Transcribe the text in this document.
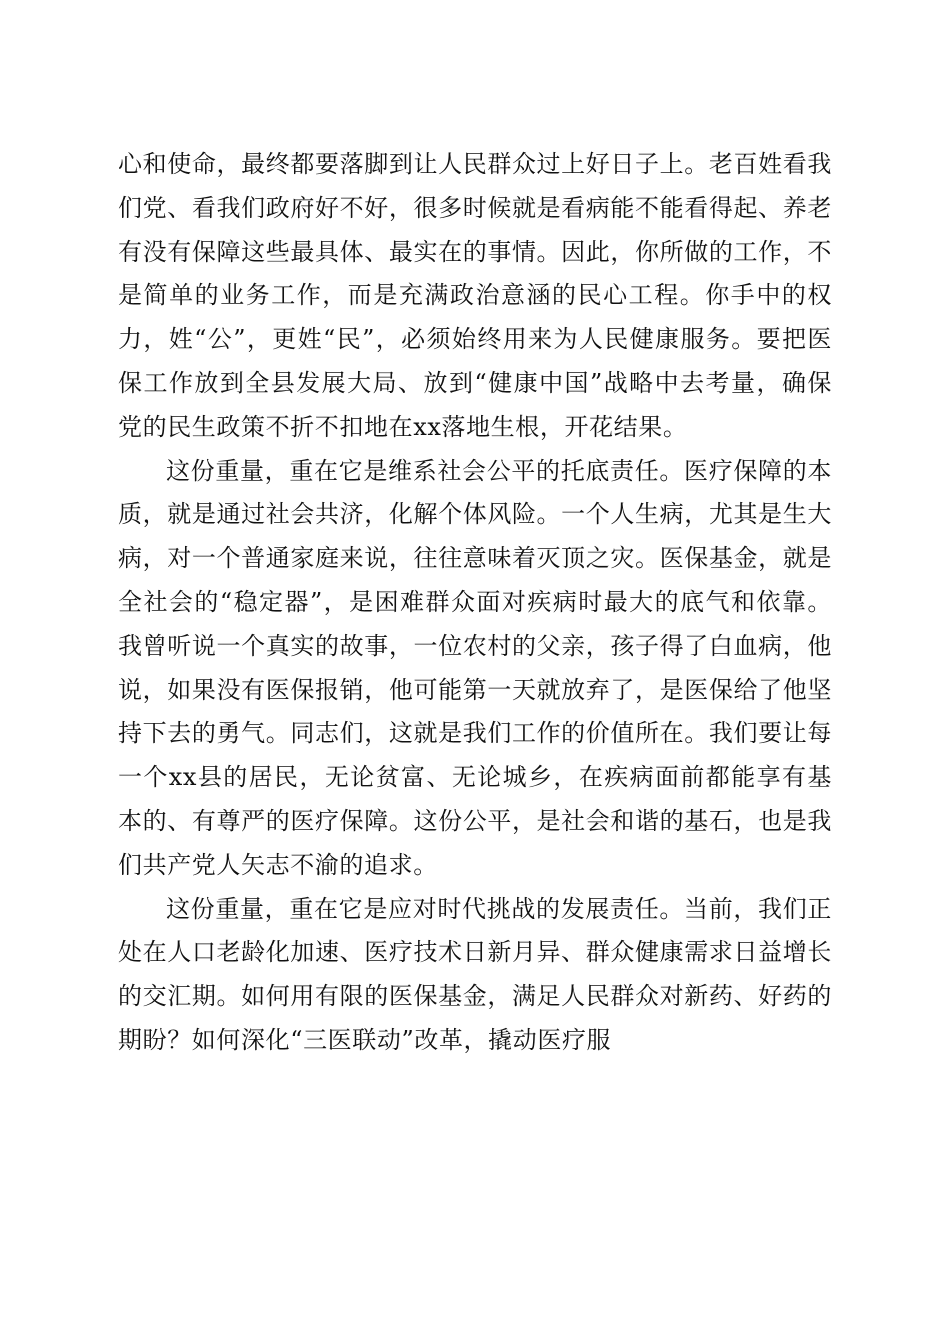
心和使命，最终都要落脚到让人民群众过上好日子上。老百姓看我们党、看我们政府好不好，很多时候就是看病能不能看得起、养老有没有保障这些最具体、最实在的事情。因此，你所做的工作，不是简单的业务工作，而是充满政治意涵的民心工程。你手中的权力，姓“公”，更姓“民”，必须始终用来为人民健康服务。要把医保工作放到全县发展大局、放到“健康中国”战略中去考量，确保党的民生政策不折不扣地在xx落地生根，开花结果。

这份重量，重在它是维系社会公平的托底责任。医疗保障的本质，就是通过社会共济，化解个体风险。一个人生病，尤其是生大病，对一个普通家庭来说，往往意味着灭顶之灾。医保基金，就是全社会的“稳定器”，是困难群众面对疾病时最大的底气和依靠。我曾听说一个真实的故事，一位农村的父亲，孩子得了白血病，他说，如果没有医保报销，他可能第一天就放弃了，是医保给了他坚持下去的勇气。同志们，这就是我们工作的价值所在。我们要让每一个xx县的居民，无论贫富、无论城乡，在疾病面前都能享有基本的、有尊严的医疗保障。这份公平，是社会和谐的基石，也是我们共产党人矢志不渝的追求。

这份重量，重在它是应对时代挑战的发展责任。当前，我们正处在人口老龄化加速、医疗技术日新月异、群众健康需求日益增长的交汇期。如何用有限的医保基金，满足人民群众对新药、好药的期盼？如何深化“三医联动”改革，撬动医疗服
